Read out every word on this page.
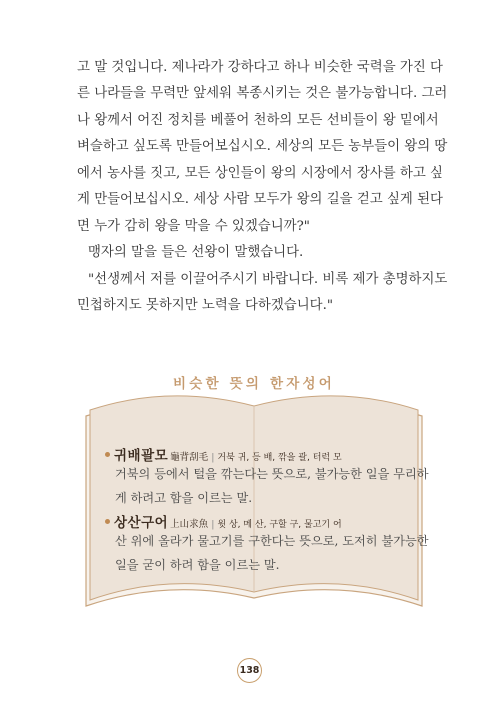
고 말 것입니다. 제나라가 강하다고 하나 비슷한 국력을 가진 다
른 나라들을 무력만 앞세워 복종시키는 것은 불가능합니다. 그러
나 왕께서 어진 정치를 베풀어 천하의 모든 선비들이 왕 밑에서
벼슬하고 싶도록 만들어보십시오. 세상의 모든 농부들이 왕의 땅
에서 농사를 짓고, 모든 상인들이 왕의 시장에서 장사를 하고 싶
게 만들어보십시오. 세상 사람 모두가 왕의 길을 걷고 싶게 된다
면 누가 감히 왕을 막을 수 있겠습니까?"
맹자의 말을 들은 선왕이 말했습니다.
"선생께서 저를 이끌어주시기 바랍니다. 비록 제가 총명하지도
민첩하지도 못하지만 노력을 다하겠습니다."
비슷한 뜻의 한자성어
귀배괄모 龜背刮毛 | 거북 귀, 등 배, 깎을 괄, 터럭 모
거북의 등에서 털을 깎는다는 뜻으로, 불가능한 일을 무리하
게 하려고 함을 이르는 말.
상산구어 上山求魚 | 윗 상, 메 산, 구할 구, 물고기 어
산 위에 올라가 물고기를 구한다는 뜻으로, 도저히 불가능한
일을 굳이 하려 함을 이르는 말.
138
